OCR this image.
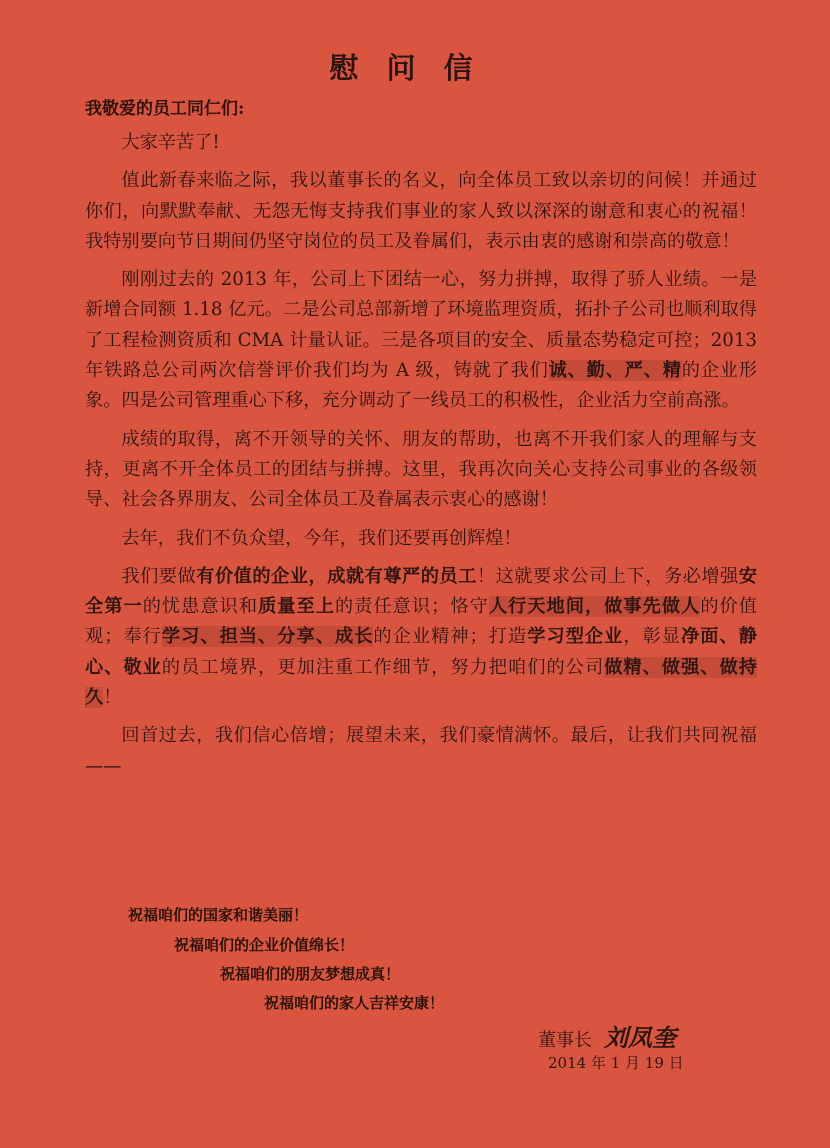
慰问信
我敬爱的员工同仁们:

大家辛苦了!

值此新春来临之际，我以董事长的名义，向全体员工致以亲切的问候！并通过你们，向默默奉献、无怨无悔支持我们事业的家人致以深深的谢意和衷心的祝福！我特别要向节日期间仍坚守岗位的员工及眷属们，表示由衷的感谢和崇高的敬意！

刚刚过去的 2013 年，公司上下团结一心，努力拼搏，取得了骄人业绩。一是新增合同额 1.18 亿元。二是公司总部新增了环境监理资质，拓扑子公司也顺利取得了工程检测资质和 CMA 计量认证。三是各项目的安全、质量态势稳定可控；2013 年铁路总公司两次信誉评价我们均为 A 级，铸就了我们诚、勤、严、精的企业形象。四是公司管理重心下移，充分调动了一线员工的积极性，企业活力空前高涨。

成绩的取得，离不开领导的关怀、朋友的帮助，也离不开我们家人的理解与支持，更离不开全体员工的团结与拼搏。这里，我再次向关心支持公司事业的各级领导、社会各界朋友、公司全体员工及眷属表示衷心的感谢！

去年，我们不负众望，今年，我们还要再创辉煌！

我们要做有价值的企业，成就有尊严的员工！这就要求公司上下，务必增强安全第一的忧患意识和质量至上的责任意识；恪守人行天地间，做事先做人的价值观；奉行学习、担当、分享、成长的企业精神；打造学习型企业，彰显净面、静心、敬业的员工境界，更加注重工作细节，努力把咱们的公司做精、做强、做持久！

回首过去，我们信心倍增；展望未来，我们豪情满怀。最后，让我们共同祝福——

祝福咱们的国家和谐美丽！
祝福咱们的企业价值绵长！
祝福咱们的朋友梦想成真！
祝福咱们的家人吉祥安康！
董事长 刘凤奎
2014 年 1 月 19 日
